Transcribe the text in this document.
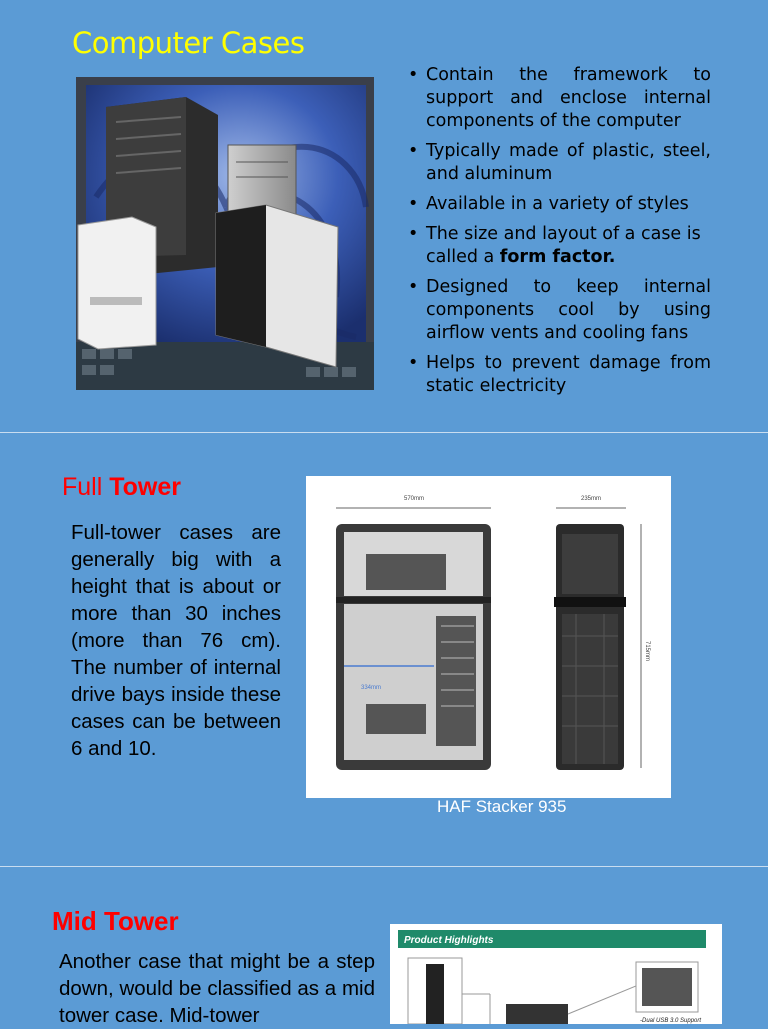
Computer Cases
• Contain the framework to support and enclose internal components of the computer
• Typically made of plastic, steel, and aluminum
• Available in a variety of styles
• The size and layout of a case is called a form factor.
• Designed to keep internal components cool by using airflow vents and cooling fans
• Helps to prevent damage from static electricity
Full Tower
Full-tower cases are generally big with a height that is about or more than 30 inches (more than 76 cm). The number of internal drive bays inside these cases can be between 6 and 10.
570mm	235mm
715mm
334mm
HAF Stacker 935
Mid Tower
Another case that might be a step down, would be classified as a mid tower case. Mid-tower
Product Highlights
-Dual USB 3.0 Support
